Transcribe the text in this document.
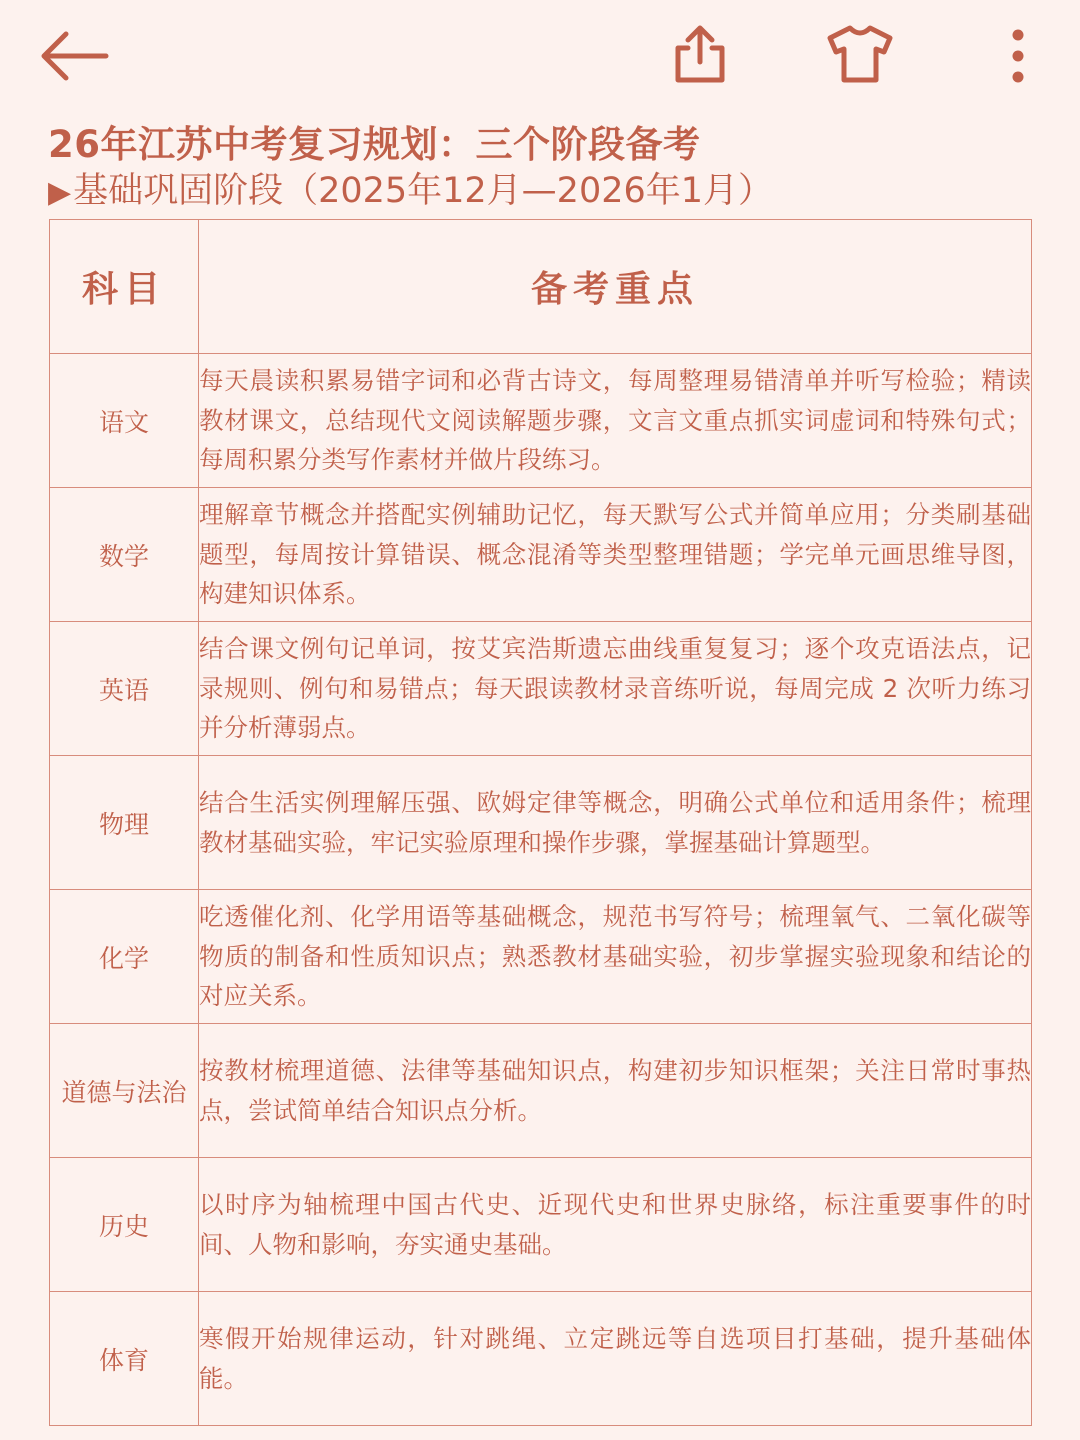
26年江苏中考复习规划：三个阶段备考
▶基础巩固阶段（2025年12月—2026年1月）
科目	备考重点
语文	每天晨读积累易错字词和必背古诗文，每周整理易错清单并听写检验；精读教材课文，总结现代文阅读解题步骤，文言文重点抓实词虚词和特殊句式；每周积累分类写作素材并做片段练习。
数学	理解章节概念并搭配实例辅助记忆，每天默写公式并简单应用；分类刷基础题型，每周按计算错误、概念混淆等类型整理错题；学完单元画思维导图，构建知识体系。
英语	结合课文例句记单词，按艾宾浩斯遗忘曲线重复复习；逐个攻克语法点，记录规则、例句和易错点；每天跟读教材录音练听说，每周完成 2 次听力练习并分析薄弱点。
物理	结合生活实例理解压强、欧姆定律等概念，明确公式单位和适用条件；梳理教材基础实验，牢记实验原理和操作步骤，掌握基础计算题型。
化学	吃透催化剂、化学用语等基础概念，规范书写符号；梳理氧气、二氧化碳等物质的制备和性质知识点；熟悉教材基础实验，初步掌握实验现象和结论的对应关系。
道德与法治	按教材梳理道德、法律等基础知识点，构建初步知识框架；关注日常时事热点，尝试简单结合知识点分析。
历史	以时序为轴梳理中国古代史、近现代史和世界史脉络，标注重要事件的时间、人物和影响，夯实通史基础。
体育	寒假开始规律运动，针对跳绳、立定跳远等自选项目打基础，提升基础体能。
